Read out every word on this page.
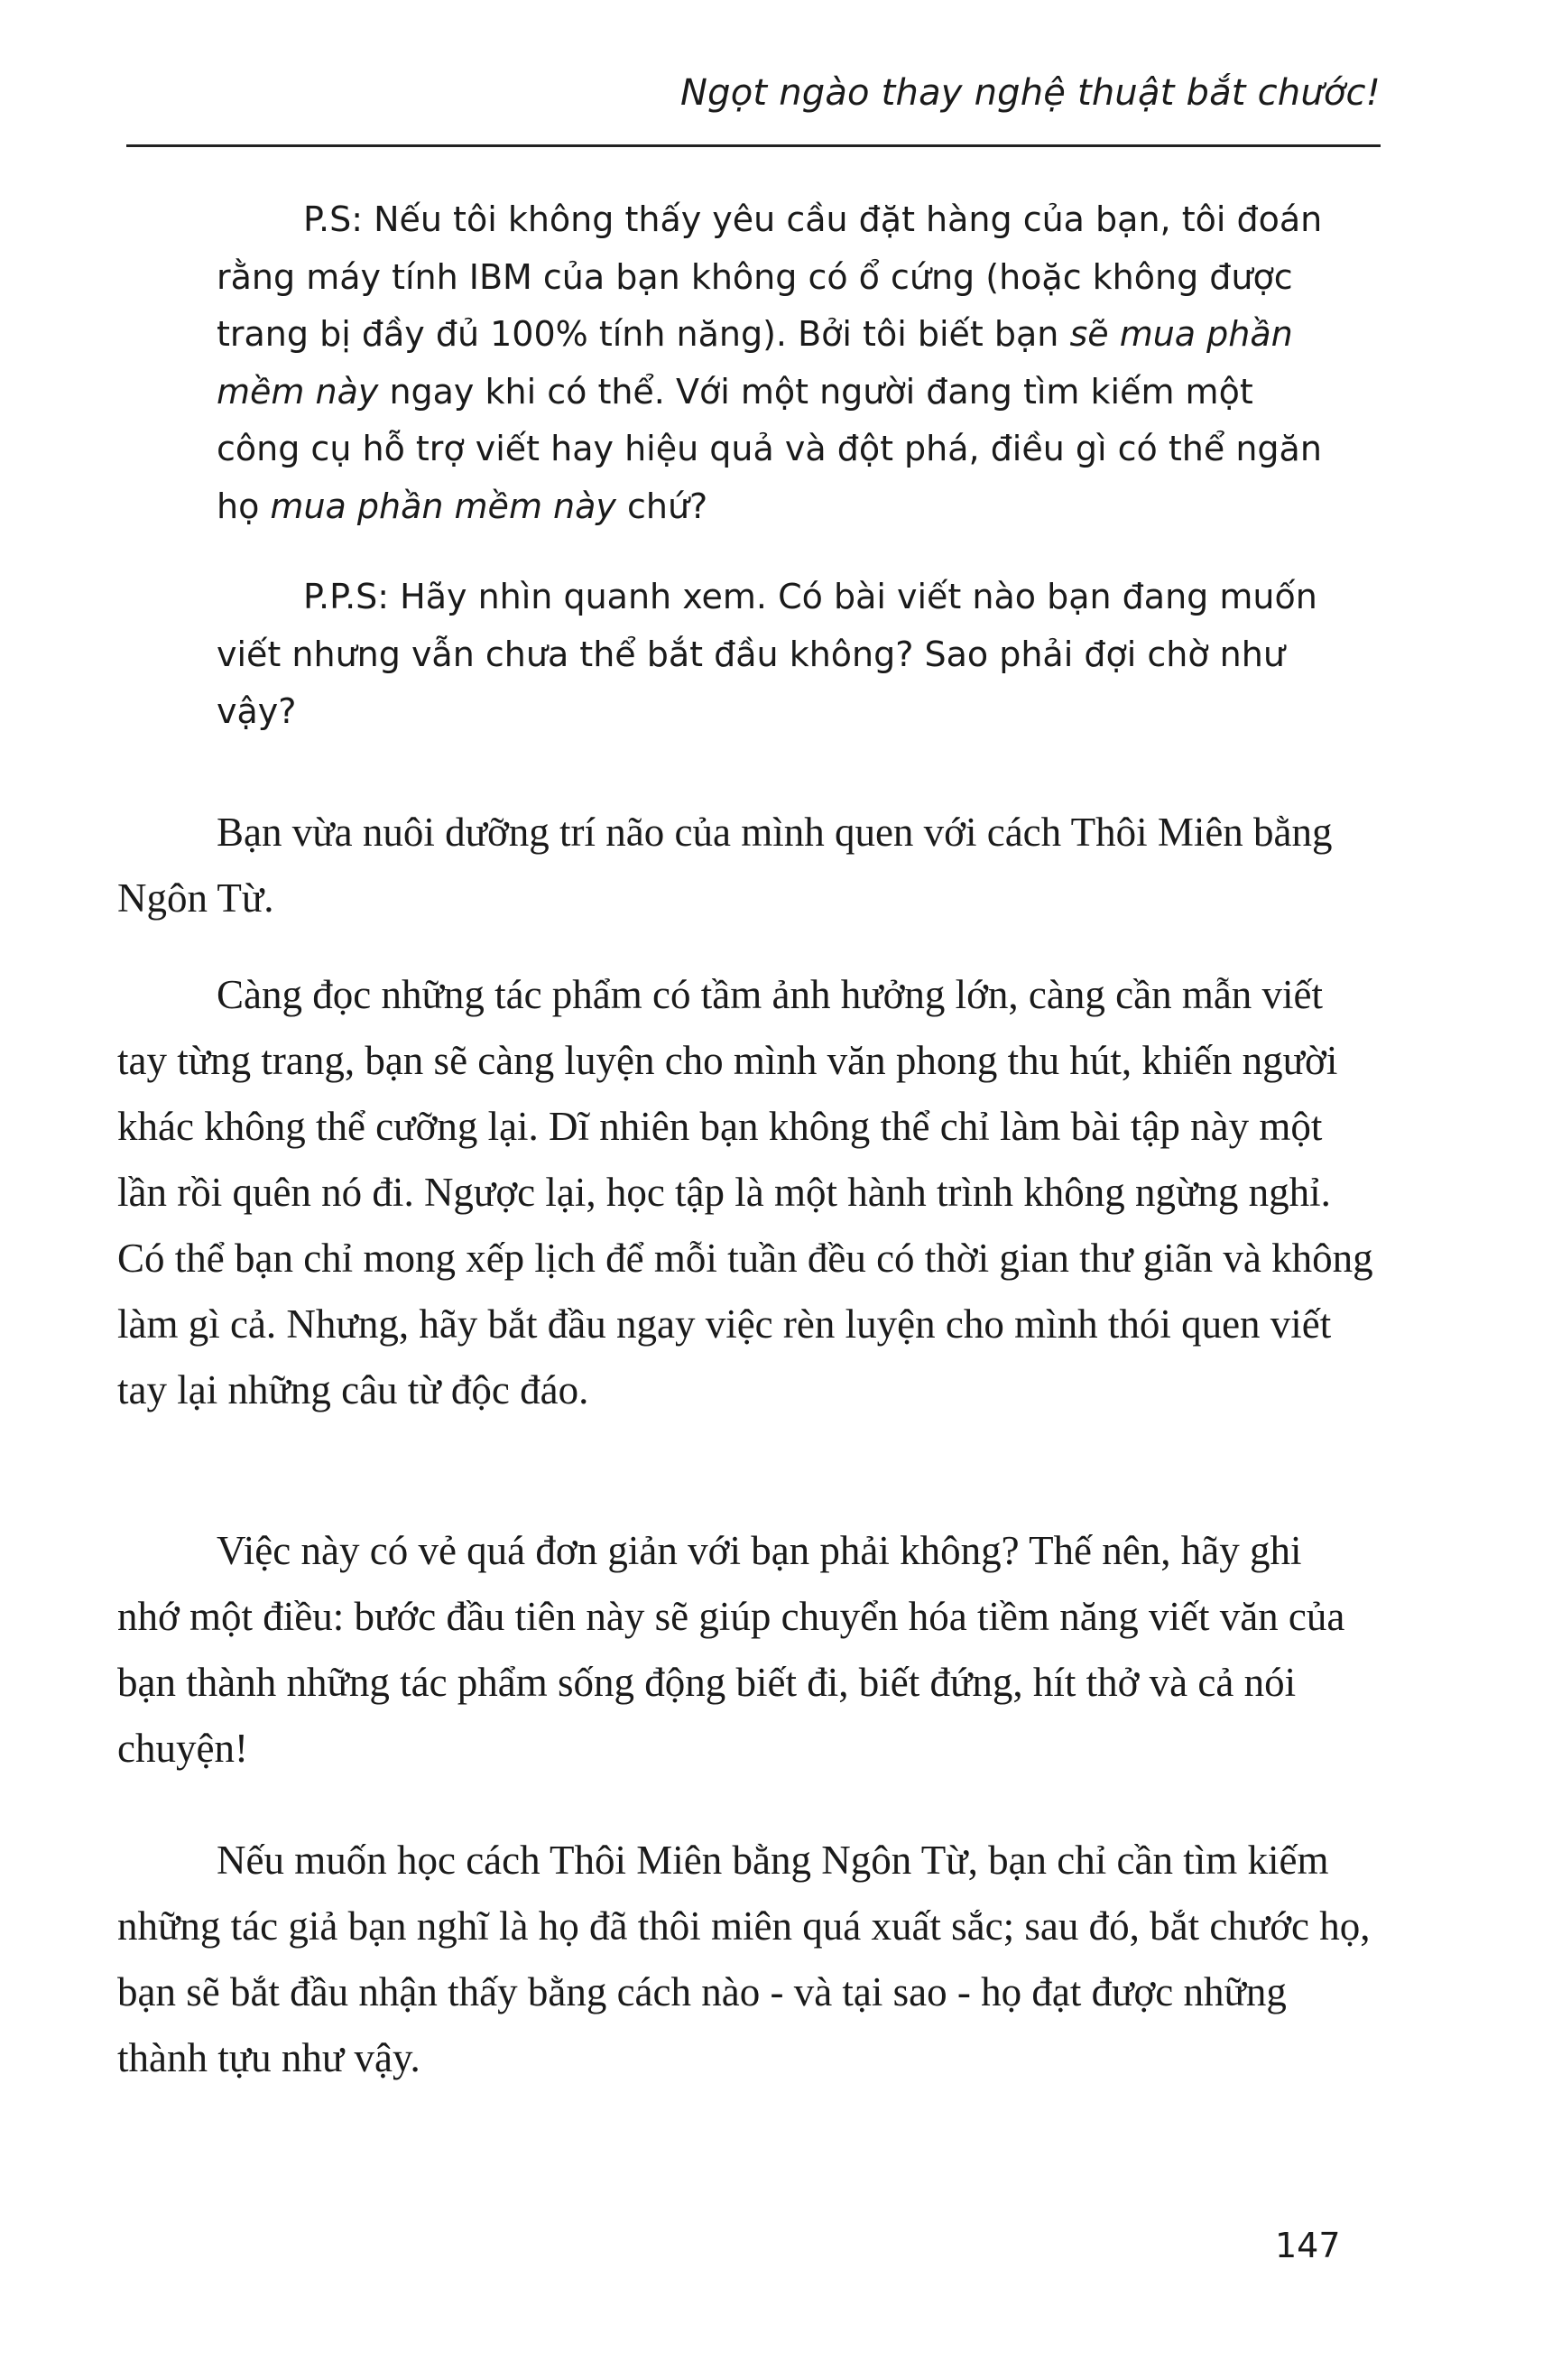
Ngọt ngào thay nghệ thuật bắt chước!

P.S: Nếu tôi không thấy yêu cầu đặt hàng của bạn, tôi đoán rằng máy tính IBM của bạn không có ổ cứng (hoặc không được trang bị đầy đủ 100% tính năng). Bởi tôi biết bạn sẽ mua phần mềm này ngay khi có thể. Với một người đang tìm kiếm một công cụ hỗ trợ viết hay hiệu quả và đột phá, điều gì có thể ngăn họ mua phần mềm này chứ?

P.P.S: Hãy nhìn quanh xem. Có bài viết nào bạn đang muốn viết nhưng vẫn chưa thể bắt đầu không? Sao phải đợi chờ như vậy?

Bạn vừa nuôi dưỡng trí não của mình quen với cách Thôi Miên bằng Ngôn Từ.

Càng đọc những tác phẩm có tầm ảnh hưởng lớn, càng cần mẫn viết tay từng trang, bạn sẽ càng luyện cho mình văn phong thu hút, khiến người khác không thể cưỡng lại. Dĩ nhiên bạn không thể chỉ làm bài tập này một lần rồi quên nó đi. Ngược lại, học tập là một hành trình không ngừng nghỉ. Có thể bạn chỉ mong xếp lịch để mỗi tuần đều có thời gian thư giãn và không làm gì cả. Nhưng, hãy bắt đầu ngay việc rèn luyện cho mình thói quen viết tay lại những câu từ độc đáo.

Việc này có vẻ quá đơn giản với bạn phải không? Thế nên, hãy ghi nhớ một điều: bước đầu tiên này sẽ giúp chuyển hóa tiềm năng viết văn của bạn thành những tác phẩm sống động biết đi, biết đứng, hít thở và cả nói chuyện!

Nếu muốn học cách Thôi Miên bằng Ngôn Từ, bạn chỉ cần tìm kiếm những tác giả bạn nghĩ là họ đã thôi miên quá xuất sắc; sau đó, bắt chước họ, bạn sẽ bắt đầu nhận thấy bằng cách nào - và tại sao - họ đạt được những thành tựu như vậy.

147
